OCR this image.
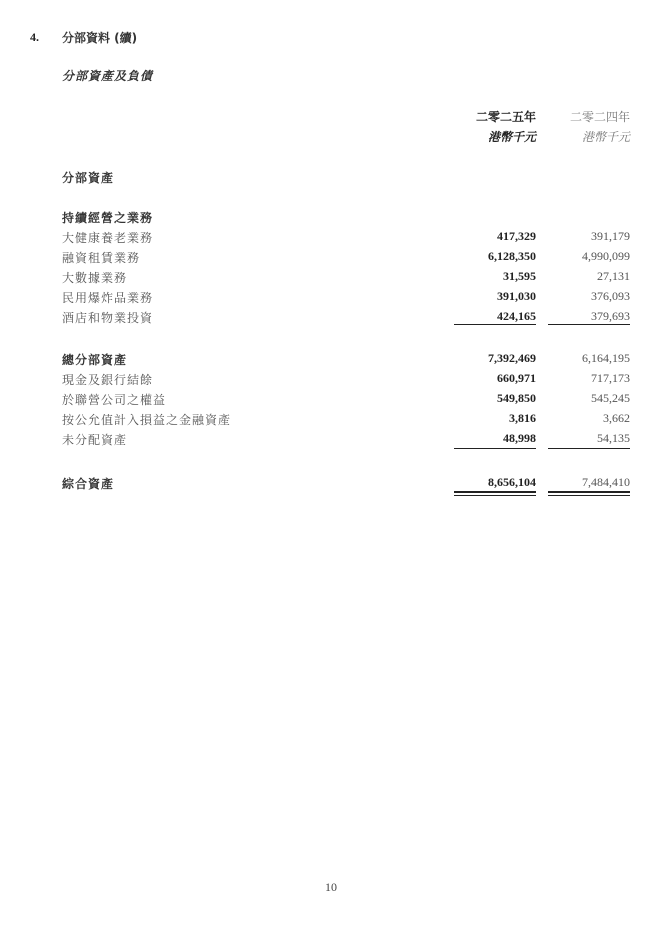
4. 分部資料 (續)
分部資產及負債
二零二五年	二零二四年
港幣千元	港幣千元
分部資產
持續經營之業務
大健康養老業務	417,329	391,179
融資租賃業務	6,128,350	4,990,099
大數據業務	31,595	27,131
民用爆炸品業務	391,030	376,093
酒店和物業投資	424,165	379,693
總分部資產	7,392,469	6,164,195
現金及銀行結餘	660,971	717,173
於聯營公司之權益	549,850	545,245
按公允值計入損益之金融資產	3,816	3,662
未分配資產	48,998	54,135
綜合資產	8,656,104	7,484,410
10
